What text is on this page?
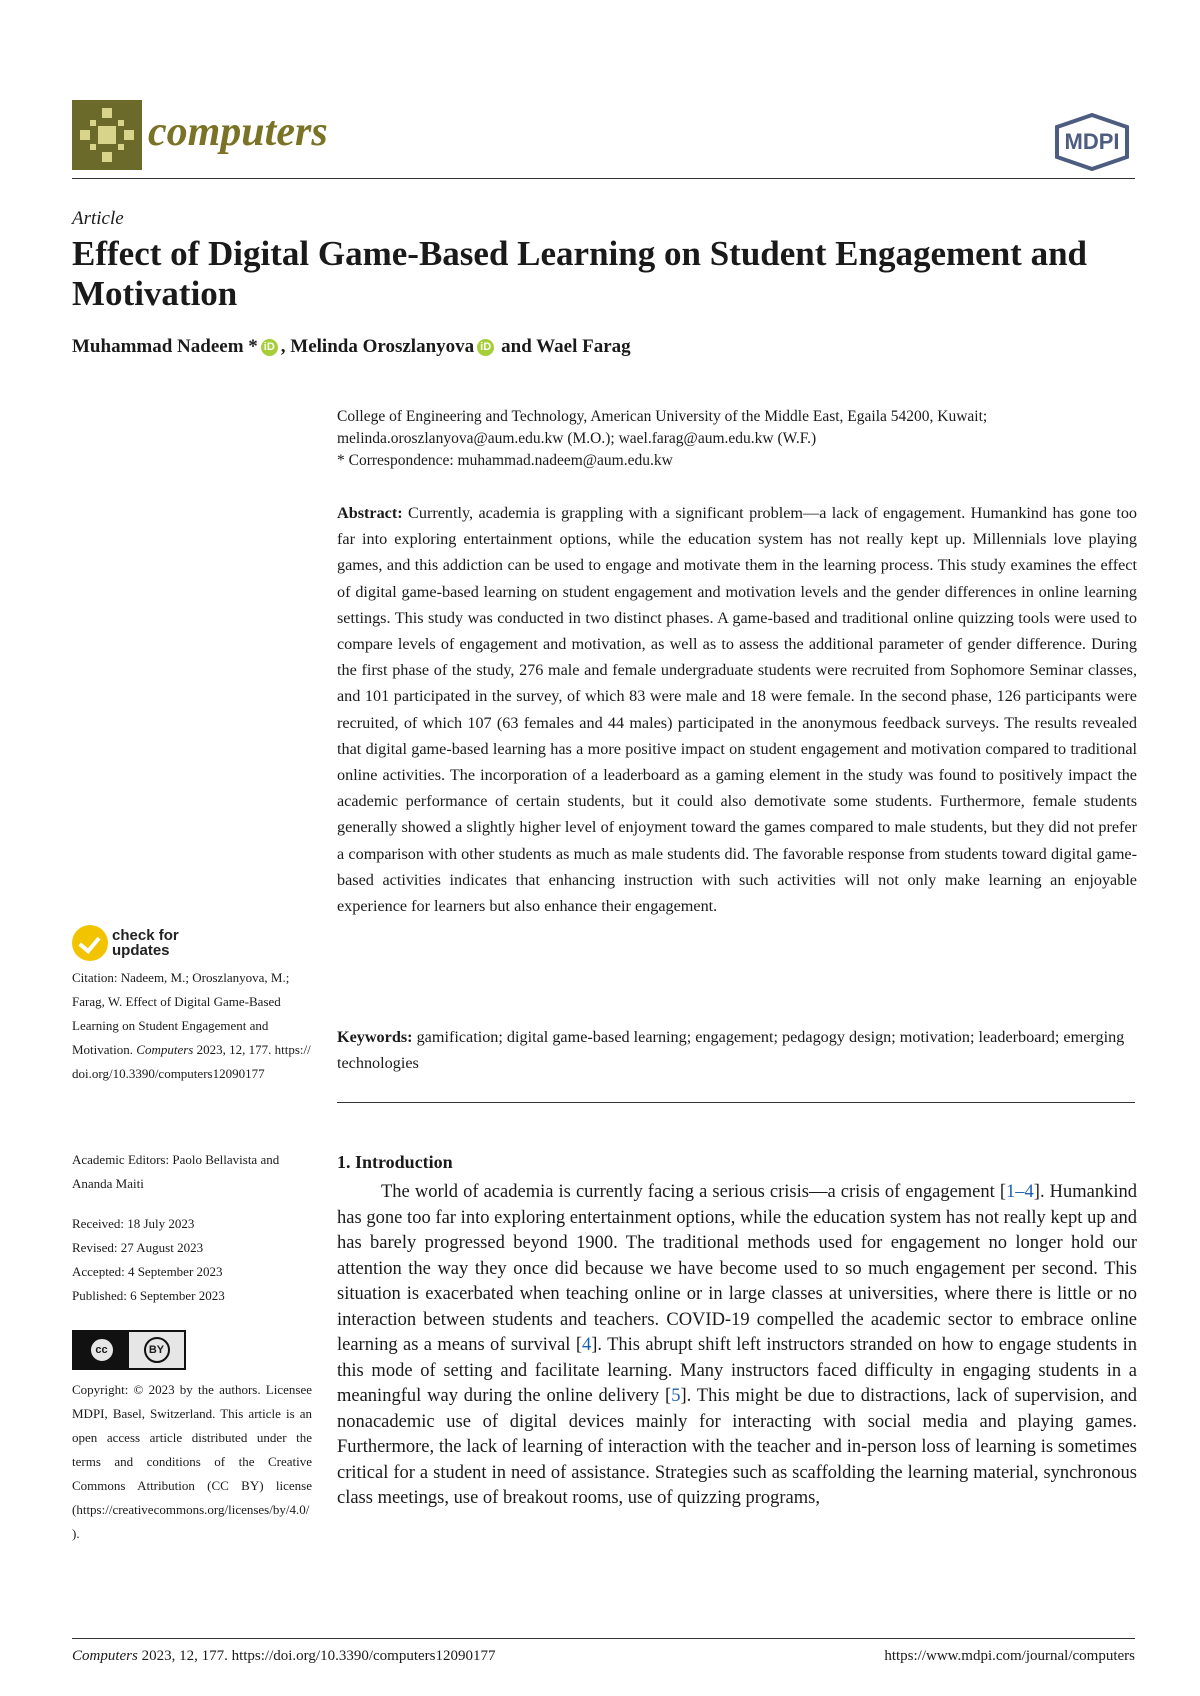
computers	MDPI
Article
Effect of Digital Game-Based Learning on Student Engagement and Motivation
Muhammad Nadeem * iD , Melinda Oroszlanyova iD and Wael Farag
College of Engineering and Technology, American University of the Middle East, Egaila 54200, Kuwait;
melinda.oroszlanyova@aum.edu.kw (M.O.); wael.farag@aum.edu.kw (W.F.)
* Correspondence: muhammad.nadeem@aum.edu.kw
Abstract: Currently, academia is grappling with a significant problem—a lack of engagement. Humankind has gone too far into exploring entertainment options, while the education system has not really kept up. Millennials love playing games, and this addiction can be used to engage and motivate them in the learning process. This study examines the effect of digital game-based learning on student engagement and motivation levels and the gender differences in online learning settings. This study was conducted in two distinct phases. A game-based and traditional online quizzing tools were used to compare levels of engagement and motivation, as well as to assess the additional parameter of gender difference. During the first phase of the study, 276 male and female undergraduate students were recruited from Sophomore Seminar classes, and 101 participated in the survey, of which 83 were male and 18 were female. In the second phase, 126 participants were recruited, of which 107 (63 females and 44 males) participated in the anonymous feedback surveys. The results revealed that digital game-based learning has a more positive impact on student engagement and motivation compared to traditional online activities. The incorporation of a leaderboard as a gaming element in the study was found to positively impact the academic performance of certain students, but it could also demotivate some students. Furthermore, female students generally showed a slightly higher level of enjoyment toward the games compared to male students, but they did not prefer a comparison with other students as much as male students did. The favorable response from students toward digital game-based activities indicates that enhancing instruction with such activities will not only make learning an enjoyable experience for learners but also enhance their engagement.
Keywords: gamification; digital game-based learning; engagement; pedagogy design; motivation; leaderboard; emerging technologies
1. Introduction
The world of academia is currently facing a serious crisis—a crisis of engagement [1–4]. Humankind has gone too far into exploring entertainment options, while the education system has not really kept up and has barely progressed beyond 1900. The traditional methods used for engagement no longer hold our attention the way they once did because we have become used to so much engagement per second. This situation is exacerbated when teaching online or in large classes at universities, where there is little or no interaction between students and teachers. COVID-19 compelled the academic sector to embrace online learning as a means of survival [4]. This abrupt shift left instructors stranded on how to engage students in this mode of setting and facilitate learning. Many instructors faced difficulty in engaging students in a meaningful way during the online delivery [5]. This might be due to distractions, lack of supervision, and nonacademic use of digital devices mainly for interacting with social media and playing games. Furthermore, the lack of learning of interaction with the teacher and in-person loss of learning is sometimes critical for a student in need of assistance. Strategies such as scaffolding the learning material, synchronous class meetings, use of breakout rooms, use of quizzing programs,
check for
updates
Citation: Nadeem, M.; Oroszlanyova, M.; Farag, W. Effect of Digital Game-Based Learning on Student Engagement and Motivation. Computers 2023, 12, 177. https://doi.org/10.3390/computers12090177
Academic Editors: Paolo Bellavista and Ananda Maiti
Received: 18 July 2023
Revised: 27 August 2023
Accepted: 4 September 2023
Published: 6 September 2023
cc	BY
Copyright: © 2023 by the authors. Licensee MDPI, Basel, Switzerland. This article is an open access article distributed under the terms and conditions of the Creative Commons Attribution (CC BY) license (https://creativecommons.org/licenses/by/4.0/).
Computers 2023, 12, 177. https://doi.org/10.3390/computers12090177	https://www.mdpi.com/journal/computers
